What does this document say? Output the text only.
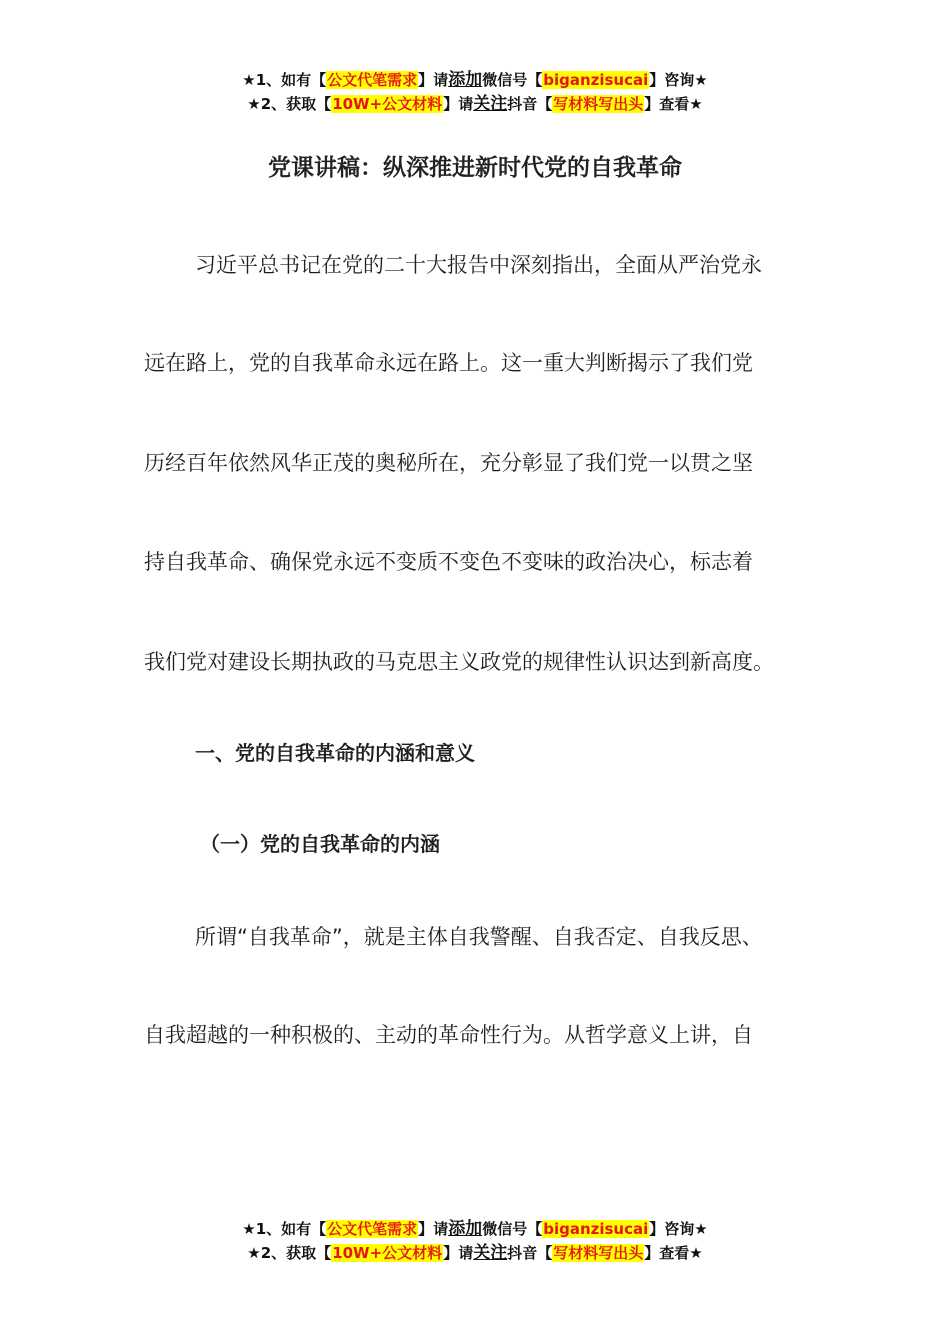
★1、如有【公文代笔需求】请添加微信号【biganzisucai】咨询★
★2、获取【10W+公文材料】请关注抖音【写材料写出头】查看★
党课讲稿：纵深推进新时代党的自我革命
习近平总书记在党的二十大报告中深刻指出，全面从严治党永
远在路上，党的自我革命永远在路上。这一重大判断揭示了我们党
历经百年依然风华正茂的奥秘所在，充分彰显了我们党一以贯之坚
持自我革命、确保党永远不变质不变色不变味的政治决心，标志着
我们党对建设长期执政的马克思主义政党的规律性认识达到新高度。
一、党的自我革命的内涵和意义
（一）党的自我革命的内涵
所谓“自我革命”，就是主体自我警醒、自我否定、自我反思、
自我超越的一种积极的、主动的革命性行为。从哲学意义上讲，自
★1、如有【公文代笔需求】请添加微信号【biganzisucai】咨询★
★2、获取【10W+公文材料】请关注抖音【写材料写出头】查看★
